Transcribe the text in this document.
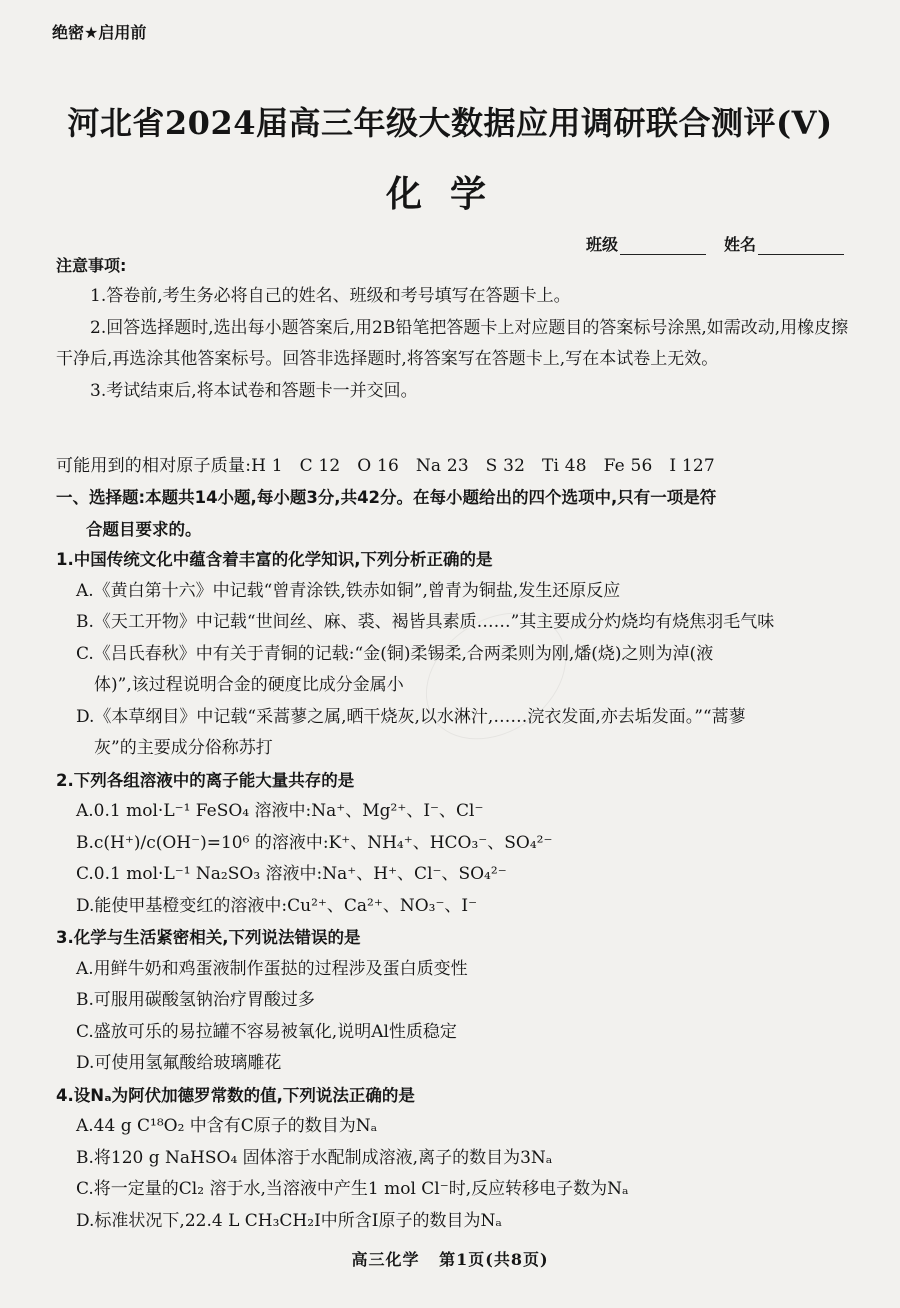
绝密★启用前
河北省2024届高三年级大数据应用调研联合测评(Ⅴ)
化学
班级	姓名
注意事项:

1.答卷前,考生务必将自己的姓名、班级和考号填写在答题卡上。

2.回答选择题时,选出每小题答案后,用2B铅笔把答题卡上对应题目的答案标号涂黑,如需改动,用橡皮擦干净后,再选涂其他答案标号。回答非选择题时,将答案写在答题卡上,写在本试卷上无效。

3.考试结束后,将本试卷和答题卡一并交回。

可能用到的相对原子质量:H 1   C 12   O 16   Na 23   S 32   Ti 48   Fe 56   I 127
一、选择题:本题共14小题,每小题3分,共42分。在每小题给出的四个选项中,只有一项是符
合题目要求的。

1.中国传统文化中蕴含着丰富的化学知识,下列分析正确的是

A.《黄白第十六》中记载“曾青涂铁,铁赤如铜”,曾青为铜盐,发生还原反应

B.《天工开物》中记载“世间丝、麻、裘、褐皆具素质……”其主要成分灼烧均有烧焦羽毛气味

C.《吕氏春秋》中有关于青铜的记载:“金(铜)柔锡柔,合两柔则为刚,燔(烧)之则为淖(液
体)”,该过程说明合金的硬度比成分金属小

D.《本草纲目》中记载“采蒿蓼之属,晒干烧灰,以水淋汁,……浣衣发面,亦去垢发面。”“蒿蓼
灰”的主要成分俗称苏打

2.下列各组溶液中的离子能大量共存的是

A.0.1 mol·L⁻¹ FeSO₄ 溶液中:Na⁺、Mg²⁺、I⁻、Cl⁻

B.c(H⁺)/c(OH⁻)=10⁶ 的溶液中:K⁺、NH₄⁺、HCO₃⁻、SO₄²⁻

C.0.1 mol·L⁻¹ Na₂SO₃ 溶液中:Na⁺、H⁺、Cl⁻、SO₄²⁻

D.能使甲基橙变红的溶液中:Cu²⁺、Ca²⁺、NO₃⁻、I⁻

3.化学与生活紧密相关,下列说法错误的是

A.用鲜牛奶和鸡蛋液制作蛋挞的过程涉及蛋白质变性

B.可服用碳酸氢钠治疗胃酸过多

C.盛放可乐的易拉罐不容易被氧化,说明Al性质稳定

D.可使用氢氟酸给玻璃雕花

4.设Nₐ为阿伏加德罗常数的值,下列说法正确的是

A.44 g C¹⁸O₂ 中含有C原子的数目为Nₐ

B.将120 g NaHSO₄ 固体溶于水配制成溶液,离子的数目为3Nₐ

C.将一定量的Cl₂ 溶于水,当溶液中产生1 mol Cl⁻时,反应转移电子数为Nₐ

D.标准状况下,22.4 L CH₃CH₂I中所含I原子的数目为Nₐ

高三化学   第1页(共8页)
